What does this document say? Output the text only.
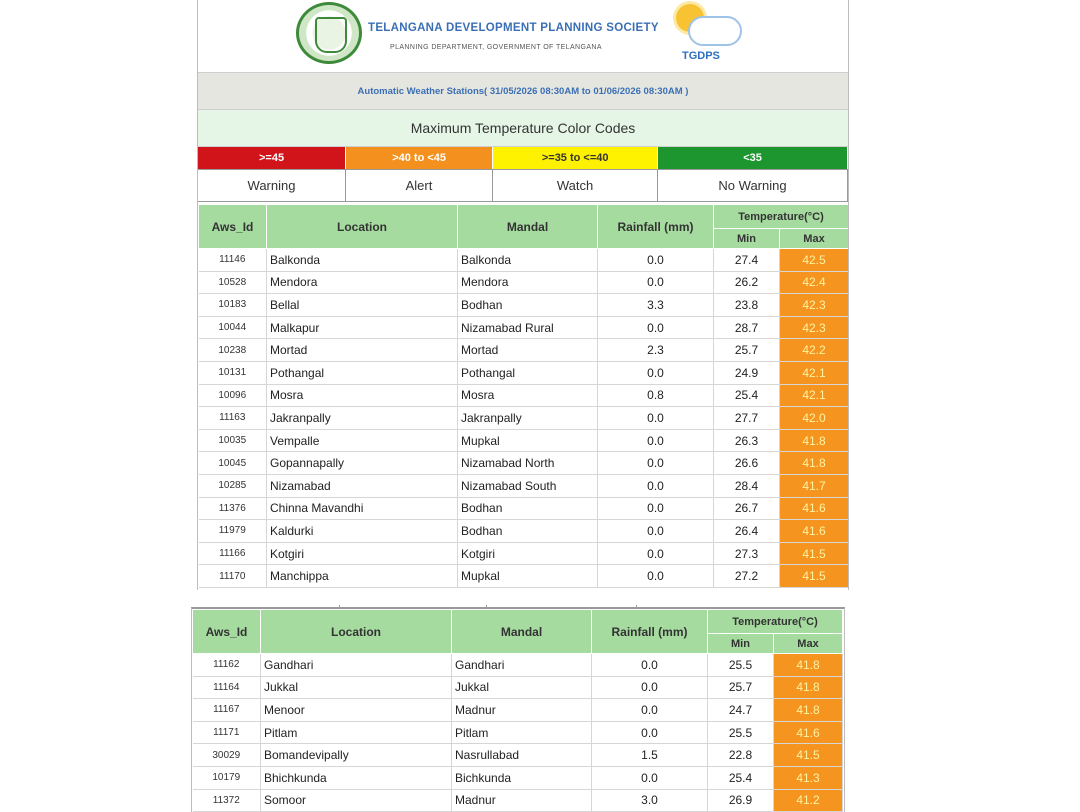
TELANGANA DEVELOPMENT PLANNING SOCIETY
PLANNING DEPARTMENT, GOVERNMENT OF TELANGANA
TGDPS
Automatic Weather Stations( 31/05/2026 08:30AM to 01/06/2026 08:30AM )
Maximum Temperature Color Codes
>=45	>40 to <45	>=35 to <=40	<35
Warning	Alert	Watch	No Warning
Aws_Id	Location	Mandal	Rainfall (mm)	Temperature(°C)	
				Min	Max
11146	Balkonda	Balkonda	0.0	27.4	42.5
10528	Mendora	Mendora	0.0	26.2	42.4
10183	Bellal	Bodhan	3.3	23.8	42.3
10044	Malkapur	Nizamabad Rural	0.0	28.7	42.3
10238	Mortad	Mortad	2.3	25.7	42.2
10131	Pothangal	Pothangal	0.0	24.9	42.1
10096	Mosra	Mosra	0.8	25.4	42.1
11163	Jakranpally	Jakranpally	0.0	27.7	42.0
10035	Vempalle	Mupkal	0.0	26.3	41.8
10045	Gopannapally	Nizamabad North	0.0	26.6	41.8
10285	Nizamabad	Nizamabad South	0.0	28.4	41.7
11376	Chinna Mavandhi	Bodhan	0.0	26.7	41.6
11979	Kaldurki	Bodhan	0.0	26.4	41.6
11166	Kotgiri	Kotgiri	0.0	27.3	41.5
11170	Manchippa	Mupkal	0.0	27.2	41.5
Aws_Id	Location	Mandal	Rainfall (mm)	Temperature(°C)	
				Min	Max
11162	Gandhari	Gandhari	0.0	25.5	41.8
11164	Jukkal	Jukkal	0.0	25.7	41.8
11167	Menoor	Madnur	0.0	24.7	41.8
11171	Pitlam	Pitlam	0.0	25.5	41.6
30029	Bomandevipally	Nasrullabad	1.5	22.8	41.5
10179	Bhichkunda	Bichkunda	0.0	25.4	41.3
11372	Somoor	Madnur	3.0	26.9	41.2
